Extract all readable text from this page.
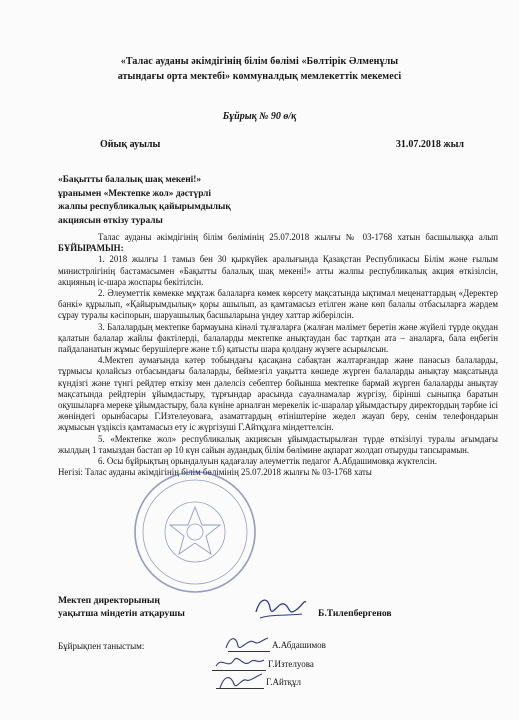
«Талас ауданы әкімдігінің білім бөлімі «Бөлтірік Әлменұлы
атындағы орта мектебі» коммуналдық мемлекеттік мекемесі
Бұйрық № 90 ө/қ
Ойық ауылы	31.07.2018 жыл
«Бақытты балалық шақ мекені!»
ұранымен «Мектепке жол» дәстүрлі
жалпы республикалық қайырымдылық
акциясын өткізу туралы

Талас ауданы әкімдігінің білім бөлімінің 25.07.2018 жылғы № 03-1768 хатын басшылыққа алып БҰЙЫРАМЫН:

1. 2018 жылғы 1 тамыз бен 30 қыркүйек аралығында Қазақстан Республикасы Білім және ғылым министрлігінің бастамасымен «Бақытты балалық шақ мекені!» атты жалпы республикалық акция өткізілсін, акцияның іс-шара жоспары бекітілсін.

2. Әлеуметтік көмекке мұқтаж балаларға көмек көрсету мақсатында ықтимал меценаттардың «Деректер банкі» құрылып, «Қайырымдылық» қоры ашылып, аз қамтамасыз етілген және көп балалы отбасыларға жәрдем сұрау туралы кәсіпорын, шаруашылық басшыларына үндеу хаттар жіберілсін.

3. Балалардың мектепке бармауына кінәлі тұлғаларға (жалған мәлімет беретін және жүйелі түрде оқудан қалатын балалар жайлы фактілерді, балаларды мектепке анықтаудан бас тартқан ата – аналарға, бала еңбегін пайдаланатын жұмыс берушілерге және т.б) қатысты шара қолдану жүзеге асырылсын.

4.Мектеп аумағында кәтер тобындағы қасақана сабақтан жалтарғандар және панасыз балаларды, тұрмысы қолайсыз отбасындағы балаларды, беймезгіл уақытта көшеде жүрген балаларды анықтау мақсатында күндізгі және түнгі рейдтер өткізу мен дәлелсіз себептер бойынша мектепке бармай жүрген балаларды анықтау мақсатында рейдтерін ұйымдастыру, тұрғындар арасында сауалнамалар жүргізу, бірінші сыныпқа баратын оқушыларға мереке ұйымдастыру, бала күніне арналған мерекелік іс-шаралар ұйымдастыру директордың тәрбие ісі жөніндегі орынбасары Г.Изтелеуоваға, азаматтардың өтініштеріне жедел жауап беру, сенім телефондарын жұмысын үздіксіз қамтамасыз ету іс жүргізуші Г.Айтқұлға міндеттелсін.

5. «Мектепке жол» республикалық акциясын ұйымдастырылған түрде өткізілуі туралы ағымдағы жылдың 1 тамыздан бастап әр 10 күн сайын аудандық білім бөлімине ақпарат жолдап отыруды тапсырамын.

6. Осы бұйрықтың орындалуын қадағалау әлеуметтік педагог А.Абдашимовқа жүктелсін.

Негізі: Талас ауданы әкімдігінің білім бөлімінің 25.07.2018 жылғы № 03-1768 хаты

Мектеп директорының
уақытша міндетін атқарушы	Б.Тилепбергенов
Бұйрықпен таныстым:	А.Абдашимов
Г.Изтелуова
Г.Айтқұл
